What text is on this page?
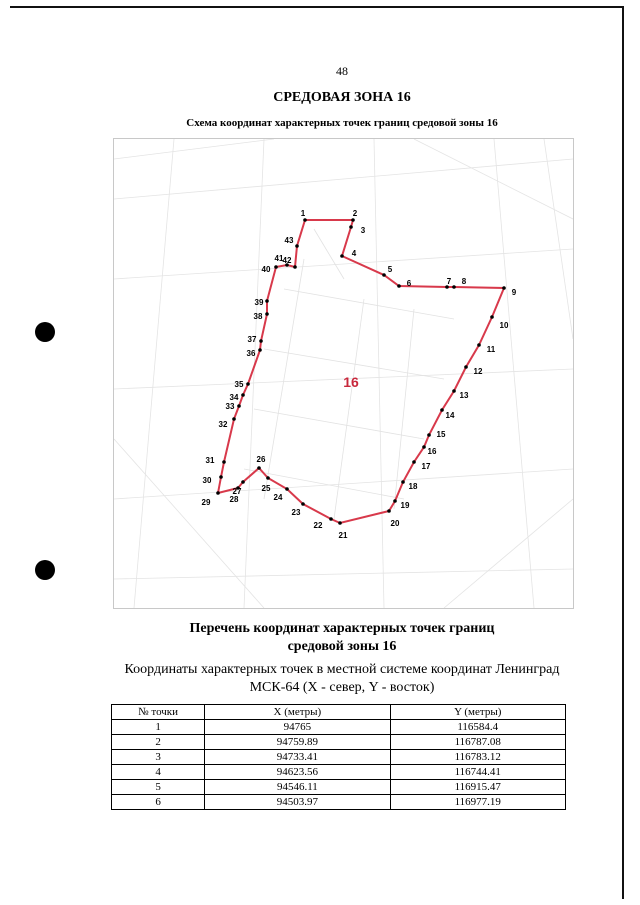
48
СРЕДОВАЯ ЗОНА 16
Схема координат характерных точек границ средовой зоны 16
1	2
3
4
5
6	7 8
9
10
11
12
13
14
15
16
17
18
19
20
21
22
23
24
25
26
27
28
29
30
31
32
33
34
35
36
37
38
39
40
41 42
43
16
Перечень координат характерных точек границ
средовой зоны 16
Координаты характерных точек в местной системе координат Ленинград
МСК-64 (X - север, Y - восток)
№ точки	X (метры)	Y (метры)
1	94765	116584.4
2	94759.89	116787.08
3	94733.41	116783.12
4	94623.56	116744.41
5	94546.11	116915.47
6	94503.97	116977.19
